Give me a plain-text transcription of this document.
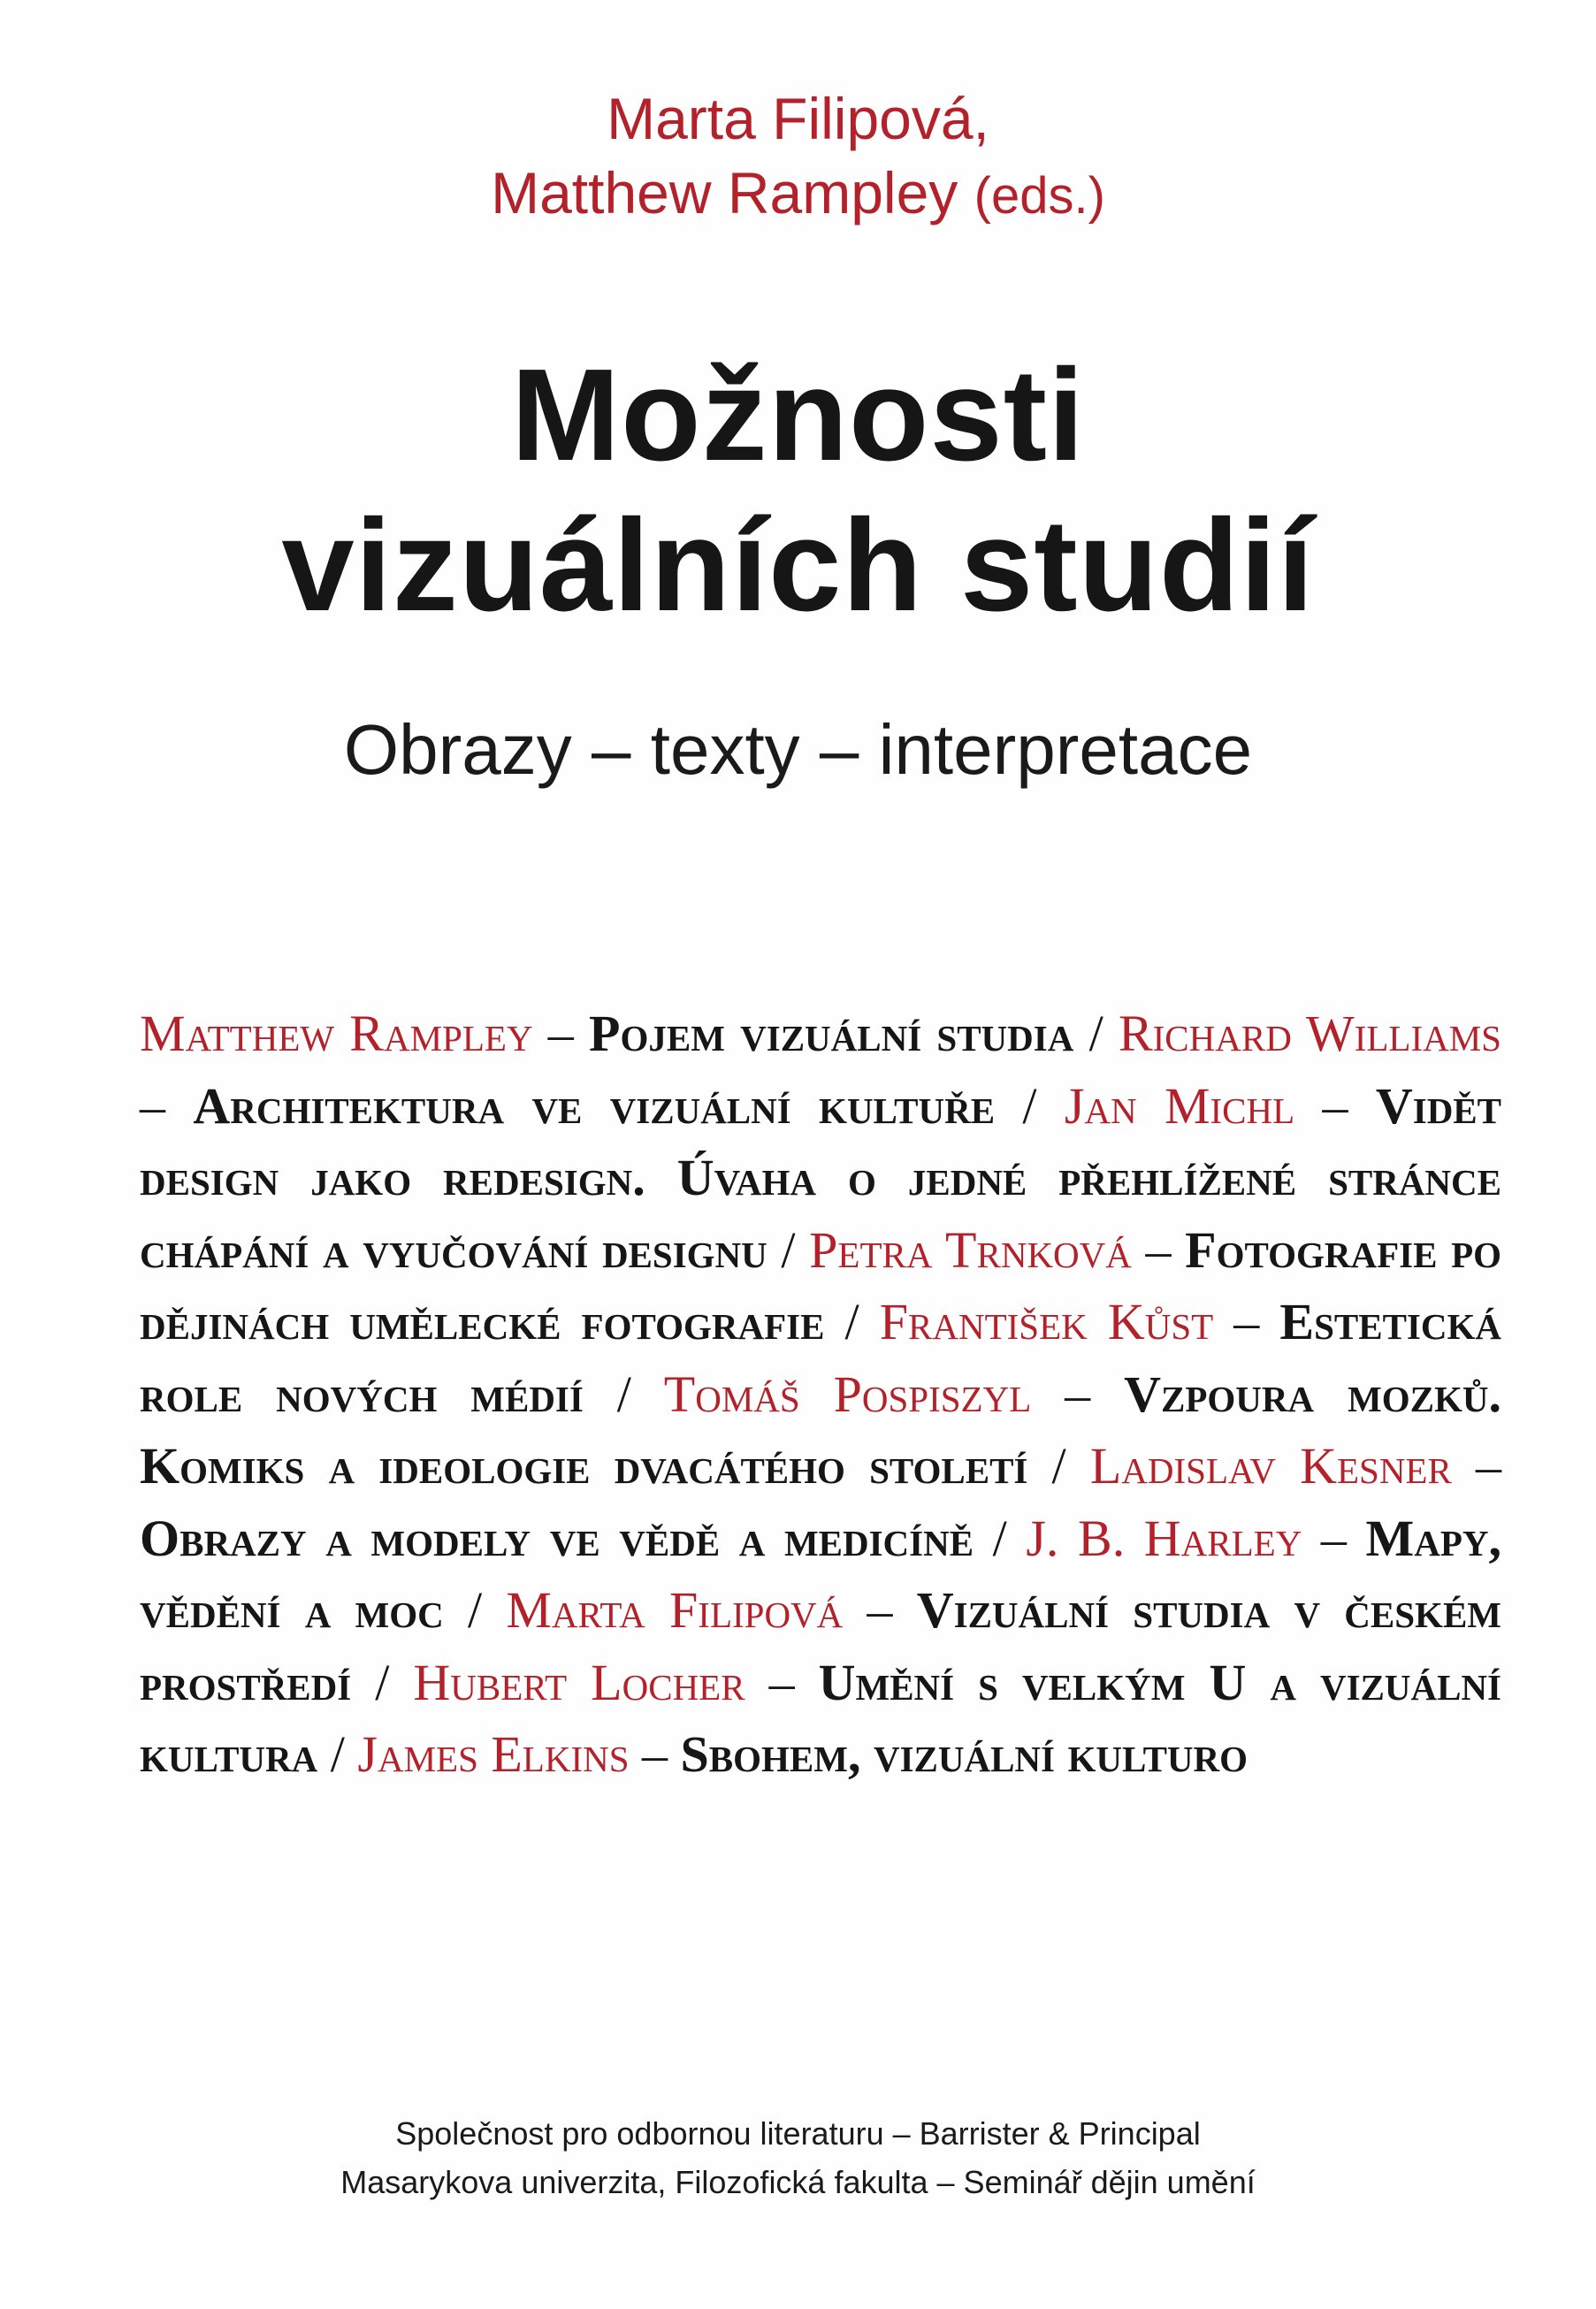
Marta Filipová,
Matthew Rampley (eds.)
Možnosti
vizuálních studií
Obrazy – texty – interpretace
Matthew Rampley – Pojem vizuální studia / Richard Williams – Architektura ve vizuální kultuře / Jan Michl – Vidět design jako redesign. Úvaha o jedné přehlížené stránce chápání a vyučování designu / Petra Trnková – Fotografie po dějinách umělecké fotografie / František Kůst – Estetická role nových médií / Tomáš Pospiszyl – Vzpoura mozků. Komiks a ideologie dvacátého století / Ladislav Kesner – Obrazy a modely ve vědě a medicíně / J. B. Harley – Mapy, vědění a moc / Marta Filipová – Vizuální studia v českém prostředí / Hubert Locher – Umění s velkým U a vizuální kultura / James Elkins – Sbohem, vizuální kulturo
Společnost pro odbornou literaturu – Barrister & Principal
Masarykova univerzita, Filozofická fakulta – Seminář dějin umění
